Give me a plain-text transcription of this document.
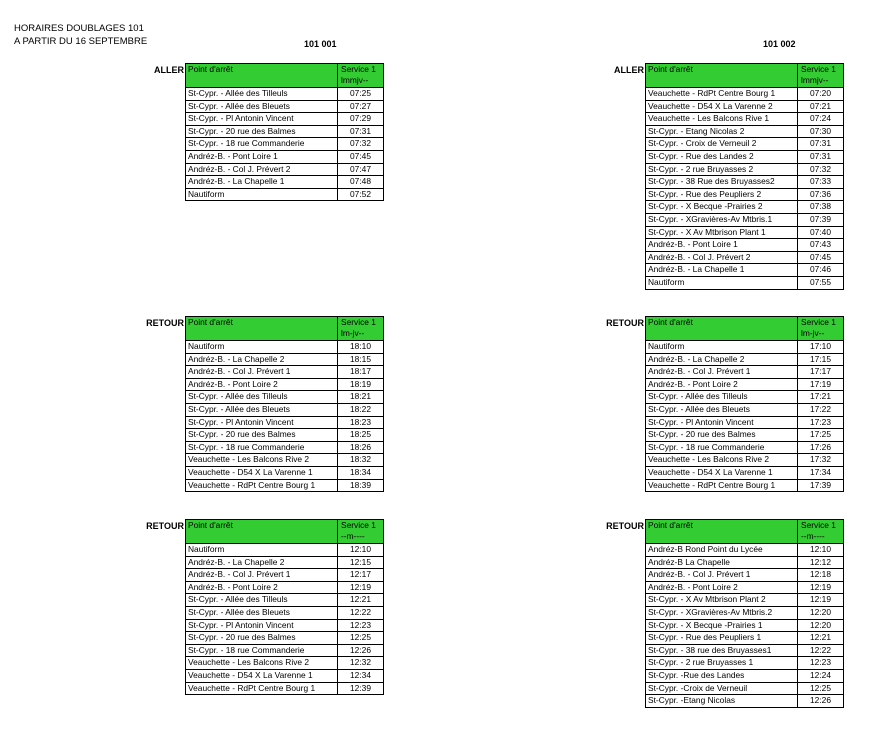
HORAIRES DOUBLAGES 101
A PARTIR DU 16 SEPTEMBRE	101 001	101 002
ALLER Point d'arrêt	Service 1
lmmjv--

St-Cypr. - Allée des Tilleuls	07:25
St-Cypr. - Allée des Bleuets	07:27
St-Cypr. - Pl Antonin Vincent	07:29
St-Cypr. - 20 rue des Balmes	07:31
St-Cypr. - 18 rue Commanderie	07:32
Andréz-B. - Pont Loire 1	07:45
Andréz-B. - Col J. Prévert 2	07:47
Andréz-B. - La Chapelle 1	07:48
Nautiform	07:52
ALLER Point d'arrêt	Service 1
lmmjv--

Veauchette - RdPt Centre Bourg 1	07:20
Veauchette - D54 X La Varenne 2	07:21
Veauchette - Les Balcons Rive 1	07:24
St-Cypr. - Etang Nicolas 2	07:30
St-Cypr. - Croix de Verneuil 2	07:31
St-Cypr. - Rue des Landes 2	07:31
St-Cypr. - 2 rue Bruyasses 2	07:32
St-Cypr. - 38 Rue des Bruyasses2	07:33
St-Cypr. - Rue des Peupliers 2	07:36
St-Cypr. - X Becque -Prairies 2	07:38
St-Cypr. - XGravières-Av Mtbris.1	07:39
St-Cypr. - X Av Mtbrison Plant 1	07:40
Andréz-B. - Pont Loire 1	07:43
Andréz-B. - Col J. Prévert 2	07:45
Andréz-B. - La Chapelle 1	07:46
Nautiform	07:55
RETOUR Point d'arrêt	Service 1
lm-jv--

Nautiform	18:10
Andréz-B. - La Chapelle 2	18:15
Andréz-B. - Col J. Prévert 1	18:17
Andréz-B. - Pont Loire 2	18:19
St-Cypr. - Allée des Tilleuls	18:21
St-Cypr. - Allée des Bleuets	18:22
St-Cypr. - Pl Antonin Vincent	18:23
St-Cypr. - 20 rue des Balmes	18:25
St-Cypr. - 18 rue Commanderie	18:26
Veauchette - Les Balcons Rive 2	18:32
Veauchette - D54 X La Varenne 1	18:34
Veauchette - RdPt Centre Bourg 1	18:39
RETOUR Point d'arrêt	Service 1
lm-jv--

Nautiform	17:10
Andréz-B. - La Chapelle 2	17:15
Andréz-B. - Col J. Prévert 1	17:17
Andréz-B. - Pont Loire 2	17:19
St-Cypr. - Allée des Tilleuls	17:21
St-Cypr. - Allée des Bleuets	17:22
St-Cypr. - Pl Antonin Vincent	17:23
St-Cypr. - 20 rue des Balmes	17:25
St-Cypr. - 18 rue Commanderie	17:26
Veauchette - Les Balcons Rive 2	17:32
Veauchette - D54 X La Varenne 1	17:34
Veauchette - RdPt Centre Bourg 1	17:39
RETOUR Point d'arrêt	Service 1
--m----

Nautiform	12:10
Andréz-B. - La Chapelle 2	12:15
Andréz-B. - Col J. Prévert 1	12:17
Andréz-B. - Pont Loire 2	12:19
St-Cypr. - Allée des Tilleuls	12:21
St-Cypr. - Allée des Bleuets	12:22
St-Cypr. - Pl Antonin Vincent	12:23
St-Cypr. - 20 rue des Balmes	12:25
St-Cypr. - 18 rue Commanderie	12:26
Veauchette - Les Balcons Rive 2	12:32
Veauchette - D54 X La Varenne 1	12:34
Veauchette - RdPt Centre Bourg 1	12:39
RETOUR Point d'arrêt	Service 1
--m----

Andréz-B Rond Point du Lycée	12:10
Andréz-B La Chapelle	12:12
Andréz-B. - Col J. Prévert 1	12:18
Andréz-B. - Pont Loire 2	12:19
St-Cypr. - X Av Mtbrison Plant 2	12:19
St-Cypr. - XGravières-Av Mtbris.2	12:20
St-Cypr. - X Becque -Prairies 1	12:20
St-Cypr. - Rue des Peupliers 1	12:21
St-Cypr. - 38 rue des Bruyasses1	12:22
St-Cypr. - 2 rue Bruyasses 1	12:23
St-Cypr. -Rue des Landes	12:24
St-Cypr. -Croix de Verneuil	12:25
St-Cypr. -Etang Nicolas	12:26
